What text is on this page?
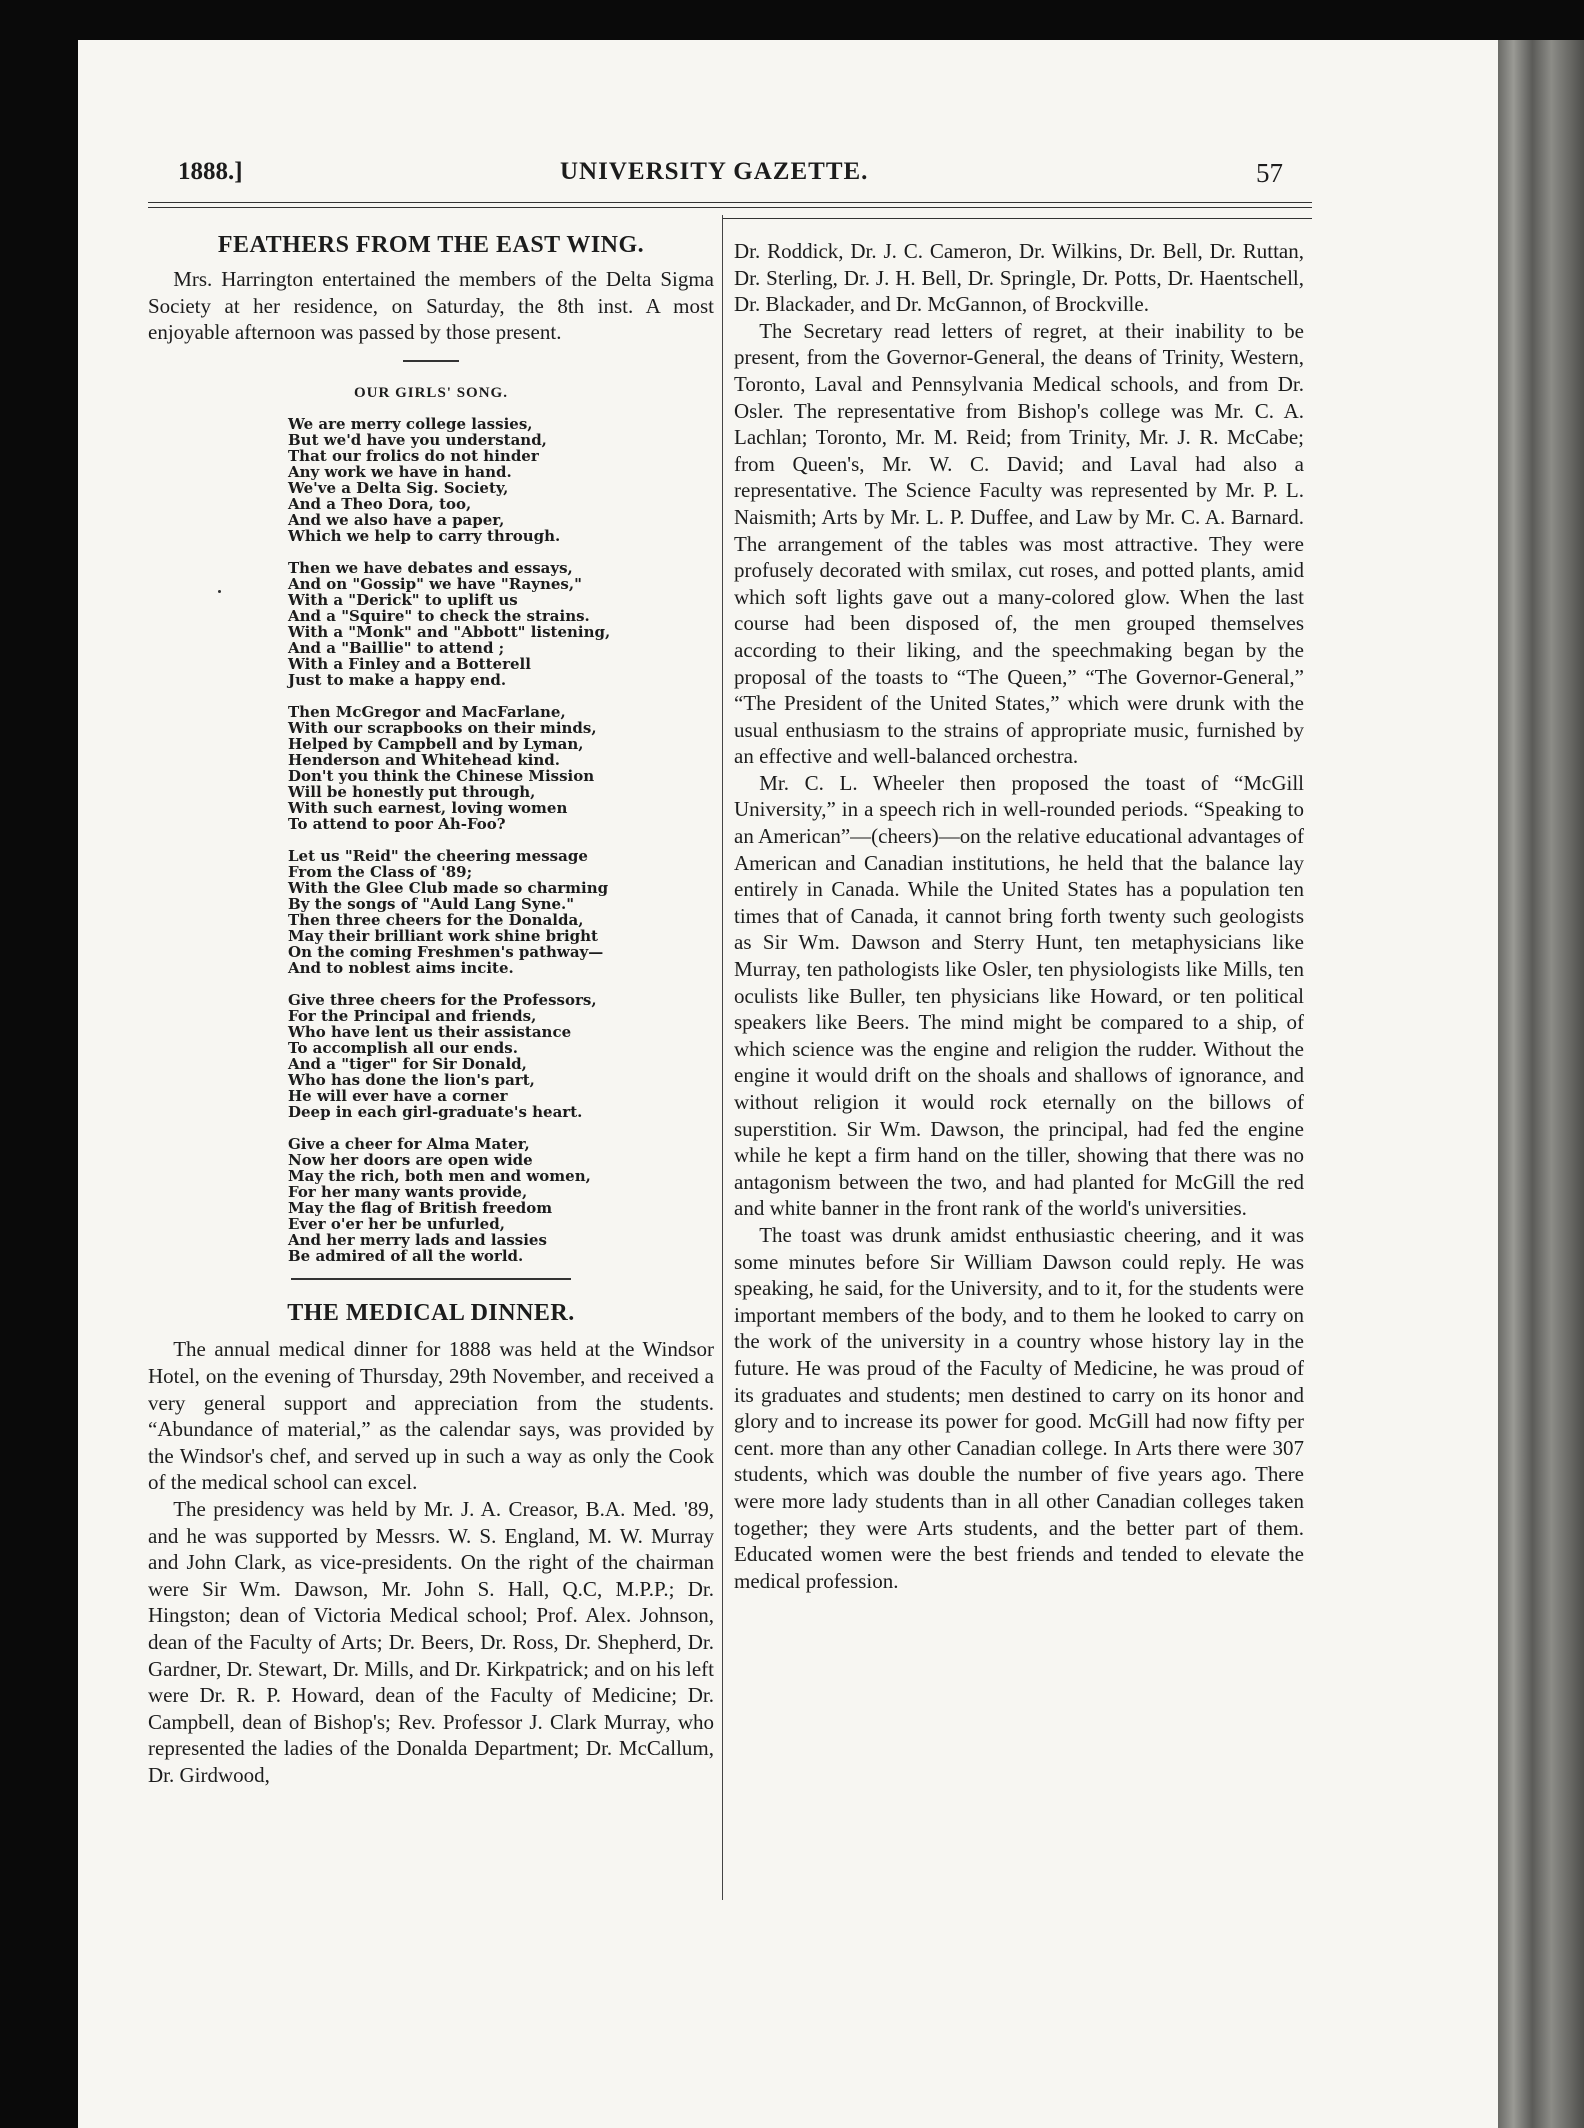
1888.]	UNIVERSITY GAZETTE.	57
FEATHERS FROM THE EAST WING.

Mrs. Harrington entertained the members of the Delta Sigma Society at her residence, on Saturday, the 8th inst. A most enjoyable afternoon was passed by those present.

OUR GIRLS' SONG.
We are merry college lassies,
But we'd have you understand,
That our frolics do not hinder
Any work we have in hand.
We've a Delta Sig. Society,
And a Theo Dora, too,
And we also have a paper,
Which we help to carry through.
Then we have debates and essays,
And on "Gossip" we have "Raynes,"
With a "Derick" to uplift us
And a "Squire" to check the strains.
With a "Monk" and "Abbott" listening,
And a "Baillie" to attend ;
With a Finley and a Botterell
Just to make a happy end.
Then McGregor and MacFarlane,
With our scrapbooks on their minds,
Helped by Campbell and by Lyman,
Henderson and Whitehead kind.
Don't you think the Chinese Mission
Will be honestly put through,
With such earnest, loving women
To attend to poor Ah-Foo?
Let us "Reid" the cheering message
From the Class of '89;
With the Glee Club made so charming
By the songs of "Auld Lang Syne."
Then three cheers for the Donalda,
May their brilliant work shine bright
On the coming Freshmen's pathway—
And to noblest aims incite.
Give three cheers for the Professors,
For the Principal and friends,
Who have lent us their assistance
To accomplish all our ends.
And a "tiger" for Sir Donald,
Who has done the lion's part,
He will ever have a corner
Deep in each girl-graduate's heart.
Give a cheer for Alma Mater,
Now her doors are open wide
May the rich, both men and women,
For her many wants provide,
May the flag of British freedom
Ever o'er her be unfurled,
And her merry lads and lassies
Be admired of all the world.
THE MEDICAL DINNER.

The annual medical dinner for 1888 was held at the Windsor Hotel, on the evening of Thursday, 29th November, and received a very general support and appreciation from the students. “Abundance of material,” as the calendar says, was provided by the Windsor's chef, and served up in such a way as only the Cook of the medical school can excel.

The presidency was held by Mr. J. A. Creasor, B.A. Med. '89, and he was supported by Messrs. W. S. England, M. W. Murray and John Clark, as vice-presidents. On the right of the chairman were Sir Wm. Dawson, Mr. John S. Hall, Q.C, M.P.P.; Dr. Hingston; dean of Victoria Medical school; Prof. Alex. Johnson, dean of the Faculty of Arts; Dr. Beers, Dr. Ross, Dr. Shepherd, Dr. Gardner, Dr. Stewart, Dr. Mills, and Dr. Kirkpatrick; and on his left were Dr. R. P. Howard, dean of the Faculty of Medicine; Dr. Campbell, dean of Bishop's; Rev. Professor J. Clark Murray, who represented the ladies of the Donalda Department; Dr. McCallum, Dr. Girdwood,

Dr. Roddick, Dr. J. C. Cameron, Dr. Wilkins, Dr. Bell, Dr. Ruttan, Dr. Sterling, Dr. J. H. Bell, Dr. Springle, Dr. Potts, Dr. Haentschell, Dr. Blackader, and Dr. McGannon, of Brockville.

The Secretary read letters of regret, at their inability to be present, from the Governor-General, the deans of Trinity, Western, Toronto, Laval and Pennsylvania Medical schools, and from Dr. Osler. The representative from Bishop's college was Mr. C. A. Lachlan; Toronto, Mr. M. Reid; from Trinity, Mr. J. R. McCabe; from Queen's, Mr. W. C. David; and Laval had also a representative. The Science Faculty was represented by Mr. P. L. Naismith; Arts by Mr. L. P. Duffee, and Law by Mr. C. A. Barnard. The arrangement of the tables was most attractive. They were profusely decorated with smilax, cut roses, and potted plants, amid which soft lights gave out a many-colored glow. When the last course had been disposed of, the men grouped themselves according to their liking, and the speechmaking began by the proposal of the toasts to “The Queen,” “The Governor-General,” “The President of the United States,” which were drunk with the usual enthusiasm to the strains of appropriate music, furnished by an effective and well-balanced orchestra.

Mr. C. L. Wheeler then proposed the toast of “McGill University,” in a speech rich in well-rounded periods. “Speaking to an American”—(cheers)—on the relative educational advantages of American and Canadian institutions, he held that the balance lay entirely in Canada. While the United States has a population ten times that of Canada, it cannot bring forth twenty such geologists as Sir Wm. Dawson and Sterry Hunt, ten metaphysicians like Murray, ten pathologists like Osler, ten physiologists like Mills, ten oculists like Buller, ten physicians like Howard, or ten political speakers like Beers. The mind might be compared to a ship, of which science was the engine and religion the rudder. Without the engine it would drift on the shoals and shallows of ignorance, and without religion it would rock eternally on the billows of superstition. Sir Wm. Dawson, the principal, had fed the engine while he kept a firm hand on the tiller, showing that there was no antagonism between the two, and had planted for McGill the red and white banner in the front rank of the world's universities.

The toast was drunk amidst enthusiastic cheering, and it was some minutes before Sir William Dawson could reply. He was speaking, he said, for the University, and to it, for the students were important members of the body, and to them he looked to carry on the work of the university in a country whose history lay in the future. He was proud of the Faculty of Medicine, he was proud of its graduates and students; men destined to carry on its honor and glory and to increase its power for good. McGill had now fifty per cent. more than any other Canadian college. In Arts there were 307 students, which was double the number of five years ago. There were more lady students than in all other Canadian colleges taken together; they were Arts students, and the better part of them. Educated women were the best friends and tended to elevate the medical profession.
